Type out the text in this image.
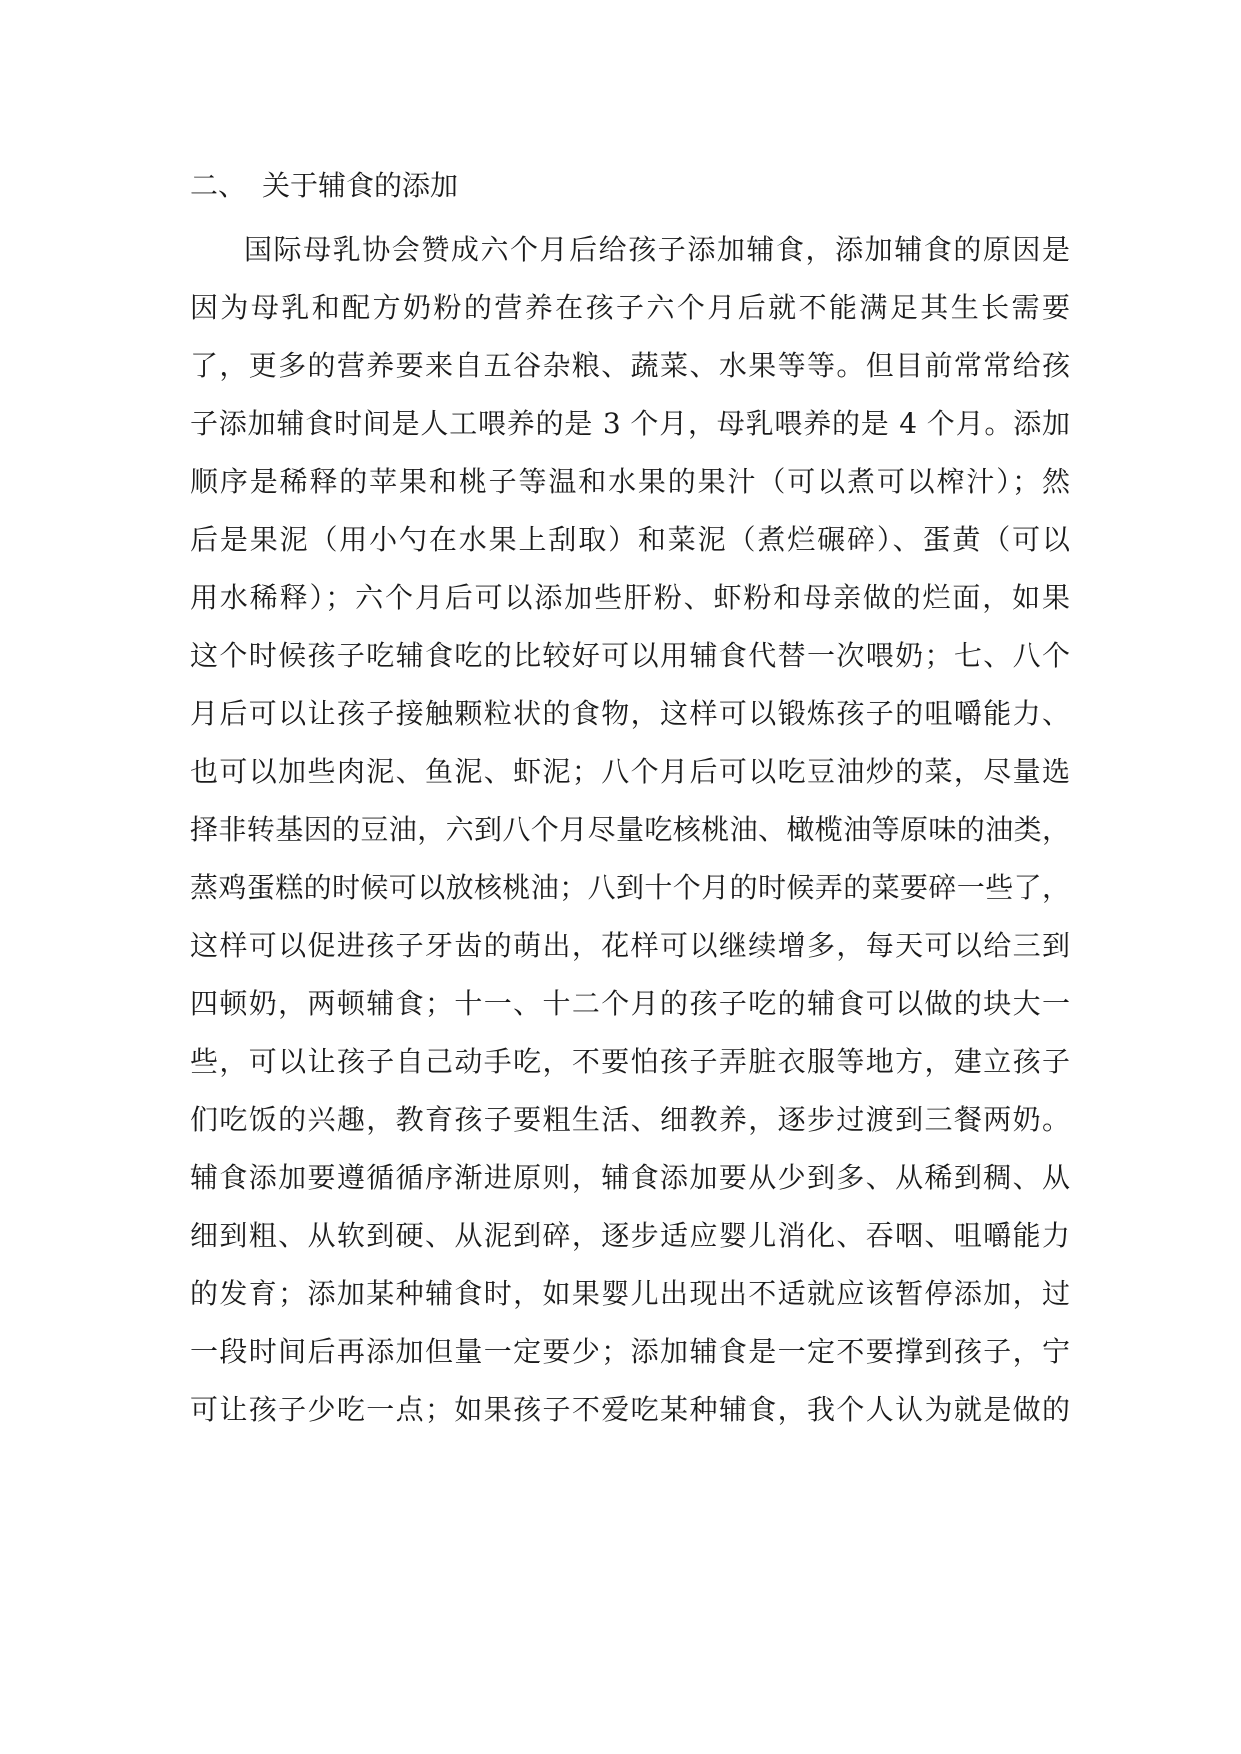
二、 关于辅食的添加
国际母乳协会赞成六个月后给孩子添加辅食，添加辅食的原因是
因为母乳和配方奶粉的营养在孩子六个月后就不能满足其生长需要
了，更多的营养要来自五谷杂粮、蔬菜、水果等等。但目前常常给孩
子添加辅食时间是人工喂养的是 3 个月，母乳喂养的是 4 个月。添加
顺序是稀释的苹果和桃子等温和水果的果汁（可以煮可以榨汁）；然
后是果泥（用小勺在水果上刮取）和菜泥（煮烂碾碎）、蛋黄（可以
用水稀释）；六个月后可以添加些肝粉、虾粉和母亲做的烂面，如果
这个时候孩子吃辅食吃的比较好可以用辅食代替一次喂奶；七、八个
月后可以让孩子接触颗粒状的食物，这样可以锻炼孩子的咀嚼能力、
也可以加些肉泥、鱼泥、虾泥；八个月后可以吃豆油炒的菜，尽量选
择非转基因的豆油，六到八个月尽量吃核桃油、橄榄油等原味的油类，
蒸鸡蛋糕的时候可以放核桃油；八到十个月的时候弄的菜要碎一些了，
这样可以促进孩子牙齿的萌出，花样可以继续增多，每天可以给三到
四顿奶，两顿辅食；十一、十二个月的孩子吃的辅食可以做的块大一
些，可以让孩子自己动手吃，不要怕孩子弄脏衣服等地方，建立孩子
们吃饭的兴趣，教育孩子要粗生活、细教养，逐步过渡到三餐两奶。
辅食添加要遵循循序渐进原则，辅食添加要从少到多、从稀到稠、从
细到粗、从软到硬、从泥到碎，逐步适应婴儿消化、吞咽、咀嚼能力
的发育；添加某种辅食时，如果婴儿出现出不适就应该暂停添加，过
一段时间后再添加但量一定要少；添加辅食是一定不要撑到孩子，宁
可让孩子少吃一点；如果孩子不爱吃某种辅食，我个人认为就是做的
